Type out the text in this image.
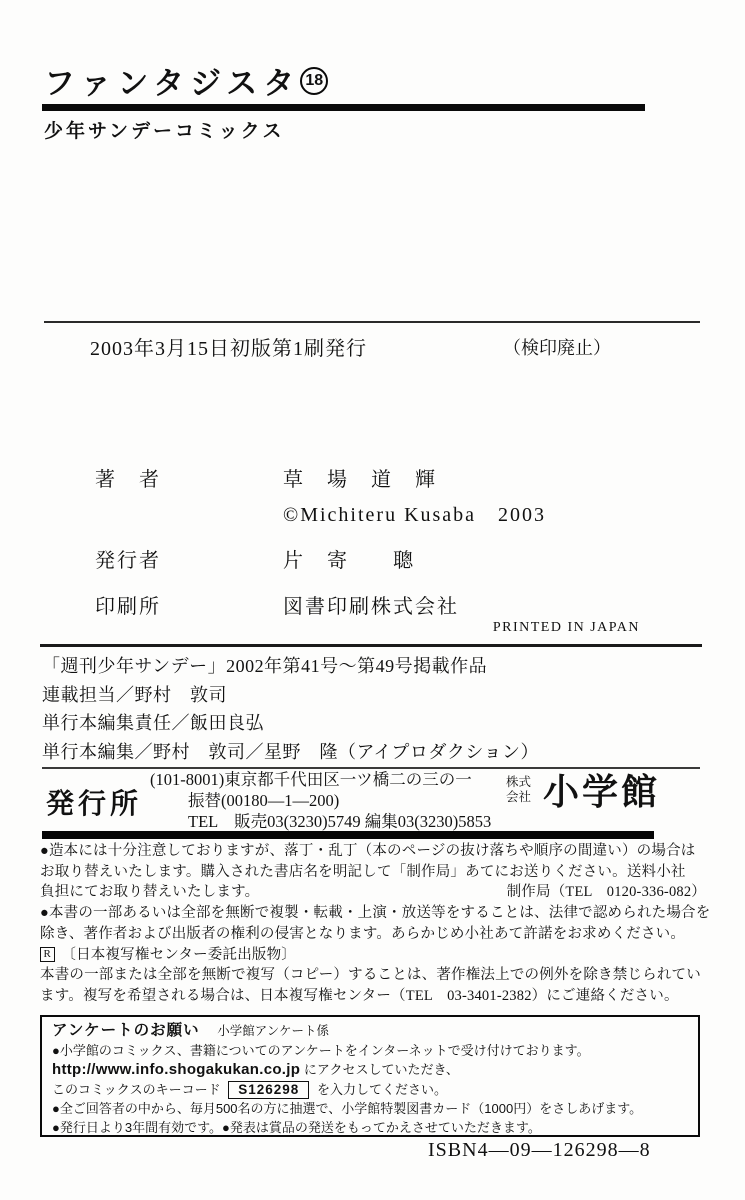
ファンタジスタ 18
少年サンデーコミックス
2003年3月15日初版第1刷発行	（検印廃止）
著　者	草　場　道　輝
©Michiteru Kusaba　2003
発行者	片　寄　　聰
印刷所	図書印刷株式会社
PRINTED IN JAPAN
「週刊少年サンデー」2002年第41号〜第49号掲載作品
連載担当／野村　敦司
単行本編集責任／飯田良弘
単行本編集／野村　敦司／星野　隆（アイプロダクション）
発行所
(101-8001)東京都千代田区一ツ橋二の三の一
振替(00180—1—200)
TEL　販売03(3230)5749 編集03(3230)5853
株式
会社 小学館
●造本には十分注意しておりますが、落丁・乱丁（本のページの抜け落ちや順序の間違い）の場合は
お取り替えいたします。購入された書店名を明記して「制作局」あてにお送りください。送料小社
制作局（TEL　0120-336-082）
負担にてお取り替えいたします。
●本書の一部あるいは全部を無断で複製・転載・上演・放送等をすることは、法律で認められた場合を
除き、著作者および出版者の権利の侵害となります。あらかじめ小社あて許諾をお求めください。
R 〔日本複写権センター委託出版物〕
本書の一部または全部を無断で複写（コピー）することは、著作権法上での例外を除き禁じられてい
ます。複写を希望される場合は、日本複写権センター（TEL　03-3401-2382）にご連絡ください。
アンケートのお願い 小学館アンケート係
●小学館のコミックス、書籍についてのアンケートをインターネットで受け付けております。
http://www.info.shogakukan.co.jp にアクセスしていただき、
このコミックスのキーコード S126298 を入力してください。
●全ご回答者の中から、毎月500名の方に抽選で、小学館特製図書カード（1000円）をさしあげます。
●発行日より3年間有効です。●発表は賞品の発送をもってかえさせていただきます。
ISBN4—09—126298—8
